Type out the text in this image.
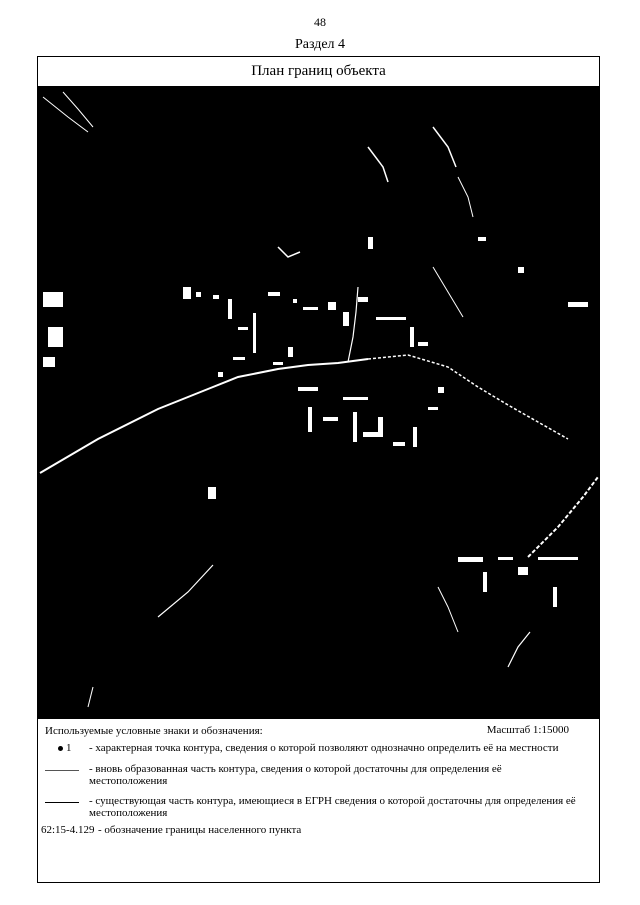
48
Раздел 4
План границ объекта
Используемые условные знаки и обозначения:	Масштаб 1:15000
1 - характерная точка контура, сведения о которой позволяют однозначно определить её на местности
- вновь образованная часть контура, сведения о которой достаточны для определения её местоположения
- существующая часть контура, имеющиеся в ЕГРН сведения о которой достаточны для определения её местоположения
62:15-4.129 - обозначение границы населенного пункта
